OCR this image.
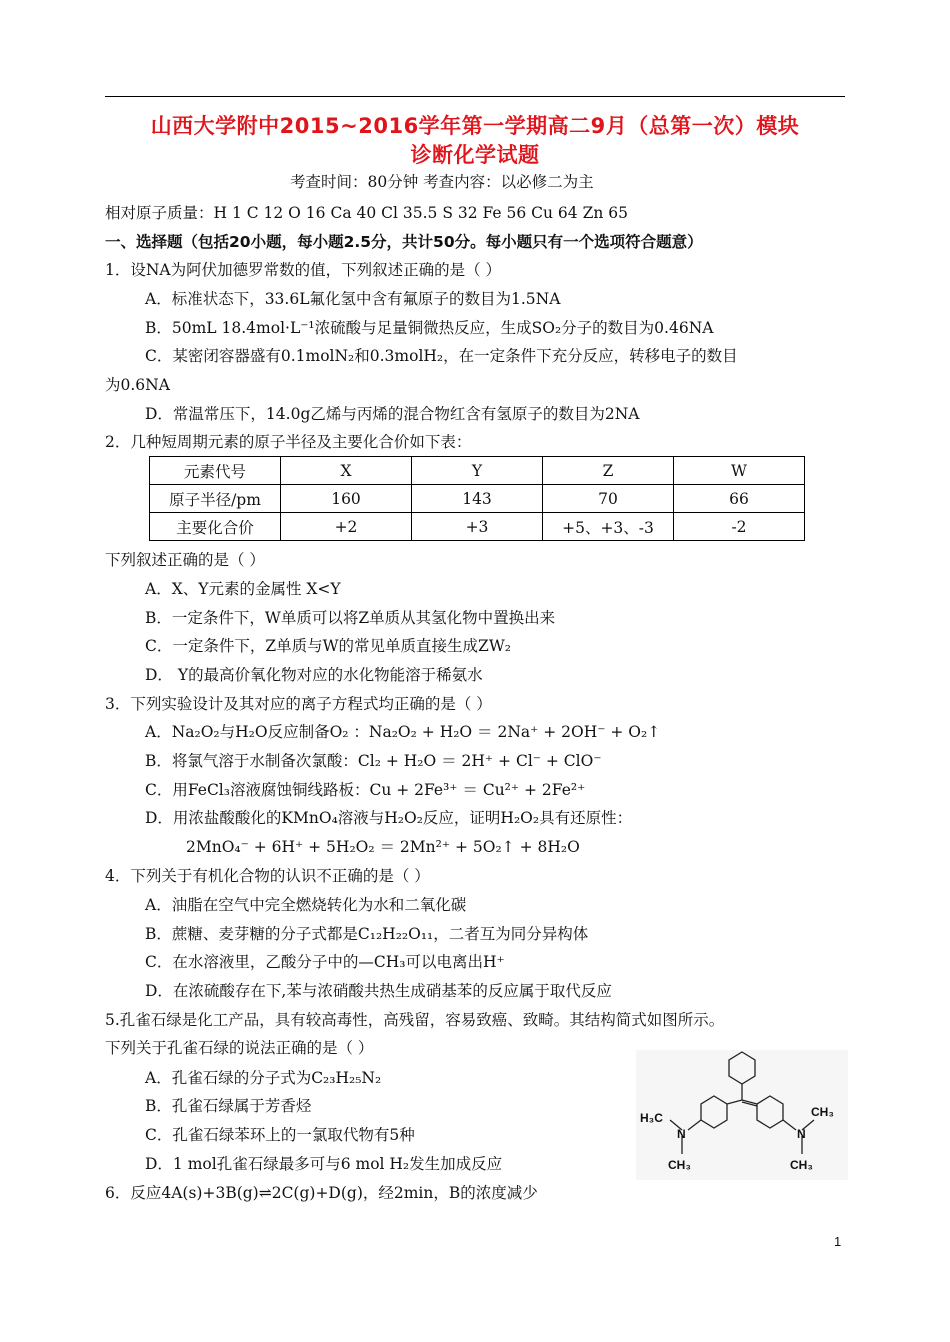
山西大学附中2015~2016学年第一学期高二9月（总第一次）模块
诊断化学试题
考查时间：80分钟 考查内容：以必修二为主
相对原子质量：H 1 C 12 O 16 Ca 40 Cl 35.5 S 32 Fe 56 Cu 64 Zn 65
一、选择题（包括20小题，每小题2.5分，共计50分。每小题只有一个选项符合题意）
1．设NA为阿伏加德罗常数的值，下列叙述正确的是（ ）
A．标准状态下，33.6L氟化氢中含有氟原子的数目为1.5NA
B．50mL 18.4mol·L⁻¹浓硫酸与足量铜微热反应，生成SO₂分子的数目为0.46NA
C．某密闭容器盛有0.1molN₂和0.3molH₂，在一定条件下充分反应，转移电子的数目
为0.6NA
D．常温常压下，14.0g乙烯与丙烯的混合物红含有氢原子的数目为2NA
2．几种短周期元素的原子半径及主要化合价如下表：
元素代号	X	Y	Z	W
原子半径/pm	160	143	70	66
主要化合价	+2	+3	+5、+3、-3	-2
下列叙述正确的是（ ）
A．X、Y元素的金属性 X<Y
B．一定条件下，W单质可以将Z单质从其氢化物中置换出来
C．一定条件下，Z单质与W的常见单质直接生成ZW₂
D． Y的最高价氧化物对应的水化物能溶于稀氨水
3．下列实验设计及其对应的离子方程式均正确的是（ ）
A．Na₂O₂与H₂O反应制备O₂ ：Na₂O₂ + H₂O ＝ 2Na⁺ + 2OH⁻ + O₂↑
B．将氯气溶于水制备次氯酸：Cl₂ + H₂O ＝ 2H⁺ + Cl⁻ + ClO⁻
C．用FeCl₃溶液腐蚀铜线路板：Cu + 2Fe³⁺ ＝ Cu²⁺ + 2Fe²⁺
D．用浓盐酸酸化的KMnO₄溶液与H₂O₂反应，证明H₂O₂具有还原性：
2MnO₄⁻ + 6H⁺ + 5H₂O₂ ＝ 2Mn²⁺ + 5O₂↑ + 8H₂O
4．下列关于有机化合物的认识不正确的是（ ）
A．油脂在空气中完全燃烧转化为水和二氧化碳
B．蔗糖、麦芽糖的分子式都是C₁₂H₂₂O₁₁，二者互为同分异构体
C．在水溶液里，乙酸分子中的—CH₃可以电离出H⁺
D．在浓硫酸存在下,苯与浓硝酸共热生成硝基苯的反应属于取代反应
5.孔雀石绿是化工产品，具有较高毒性，高残留，容易致癌、致畸。其结构简式如图所示。
下列关于孔雀石绿的说法正确的是（ ）
A．孔雀石绿的分子式为C₂₃H₂₅N₂
B．孔雀石绿属于芳香烃
C．孔雀石绿苯环上的一氯取代物有5种
D．1 mol孔雀石绿最多可与6 mol H₂发生加成反应
H₃C
N
CH₃
N
CH₃
CH₃
6．反应4A(s)+3B(g)⇌2C(g)+D(g)，经2min，B的浓度减少
1
